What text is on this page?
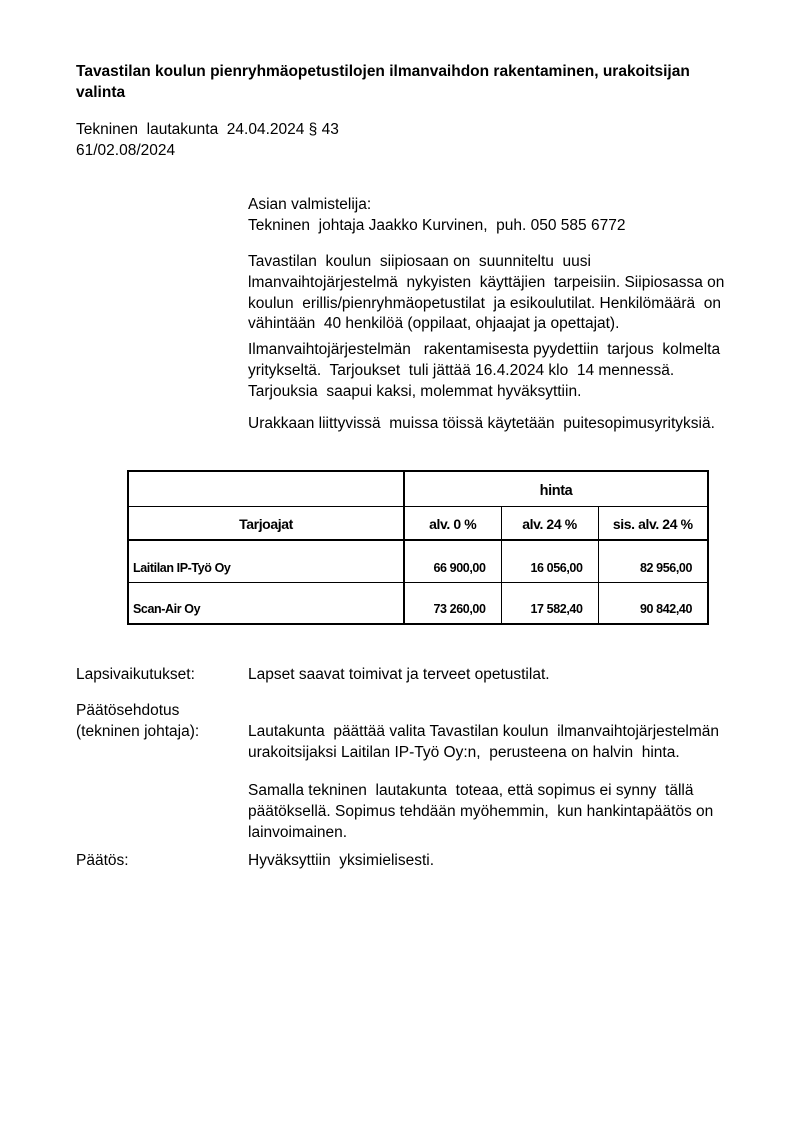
Tavastilan koulun pienryhmäopetustilojen ilmanvaihdon rakentaminen, urakoitsijan
valinta
Tekninen  lautakunta  24.04.2024 § 43
61/02.08/2024
Asian valmistelija:
Tekninen  johtaja Jaakko Kurvinen,  puh. 050 585 6772
Tavastilan  koulun  siipiosaan on  suunniteltu  uusi
lmanvaihtojärjestelmä  nykyisten  käyttäjien  tarpeisiin. Siipiosassa on
koulun  erillis/pienryhmäopetustilat  ja esikoulutilat. Henkilömäärä  on
vähintään  40 henkilöä (oppilaat, ohjaajat ja opettajat).
Ilmanvaihtojärjestelmän   rakentamisesta pyydettiin  tarjous  kolmelta
yritykseltä.  Tarjoukset  tuli jättää 16.4.2024 klo  14 mennessä.
Tarjouksia  saapui kaksi, molemmat hyväksyttiin.
Urakkaan liittyvissä  muissa töissä käytetään  puitesopimusyrityksiä.
	hinta		
Tarjoajat	alv. 0 %	alv. 24 %	sis. alv. 24 %
Laitilan IP-Työ Oy	66 900,00	16 056,00	82 956,00
Scan-Air Oy	73 260,00	17 582,40	90 842,40
Lapsivaikutukset:	Lapset saavat toimivat ja terveet opetustilat.
Päätösehdotus
(tekninen johtaja):	Lautakunta  päättää valita Tavastilan koulun  ilmanvaihtojärjestelmän
urakoitsijaksi Laitilan IP-Työ Oy:n,  perusteena on halvin  hinta.
Samalla tekninen  lautakunta  toteaa, että sopimus ei synny  tällä
päätöksellä. Sopimus tehdään myöhemmin,  kun hankintapäätös on
lainvoimainen.
Päätös:	Hyväksyttiin  yksimielisesti.
